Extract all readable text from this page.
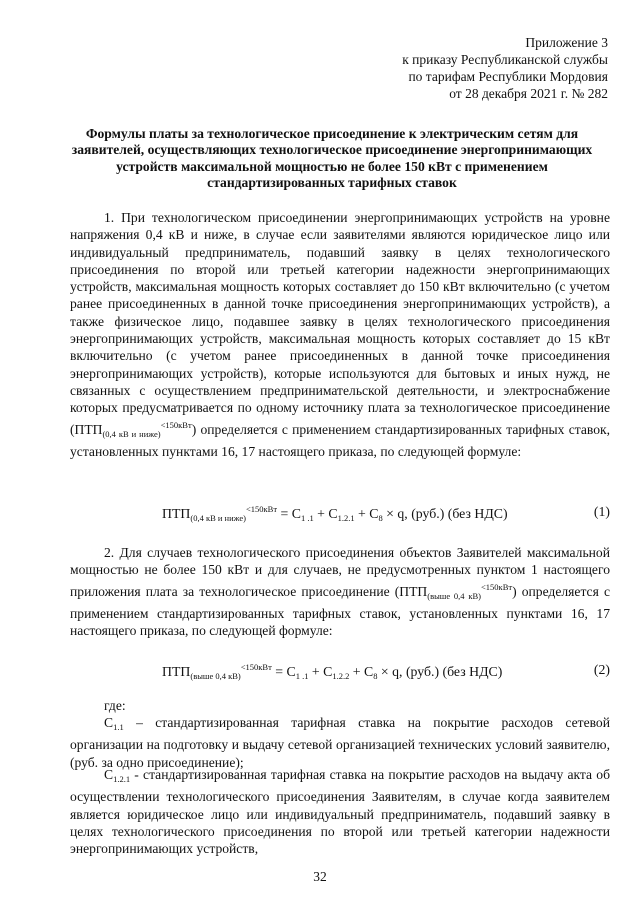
Приложение 3
к приказу Республиканской службы
по тарифам Республики Мордовия
от 28 декабря 2021 г. № 282
Формулы платы за технологическое присоединение к электрическим сетям для заявителей, осуществляющих технологическое присоединение энергопринимающих устройств максимальной мощностью не более 150 кВт с применением стандартизированных тарифных ставок

1. При технологическом присоединении энергопринимающих устройств на уровне напряжения 0,4 кВ и ниже, в случае если заявителями являются юридическое лицо или индивидуальный предприниматель, подавший заявку в целях технологического присоединения по второй или третьей категории надежности энергопринимающих устройств, максимальная мощность которых составляет до 150 кВт включительно (с учетом ранее присоединенных в данной точке присоединения энергопринимающих устройств), а также физическое лицо, подавшее заявку в целях технологического присоединения энергопринимающих устройств, максимальная мощность которых составляет до 15 кВт включительно (с учетом ранее присоединенных в данной точке присоединения энергопринимающих устройств), которые используются для бытовых и иных нужд, не связанных с осуществлением предпринимательской деятельности, и электроснабжение которых предусматривается по одному источнику плата за технологическое присоединение $(ПТП_{(0,4 кВ и ниже)}^{<150кВт})$ определяется с применением стандартизированных тарифных ставок, установленных пунктами 16, 17 настоящего приказа, по следующей формуле:

$ПТП_{(0,4 кВ и ниже)}^{<150кВт} = С_{1 .1} + С_{1.2.1} + С_8 \times q$, (руб.) (без НДС)	(1)

2. Для случаев технологического присоединения объектов Заявителей максимальной мощностью не более 150 кВт и для случаев, не предусмотренных пунктом 1 настоящего приложения плата за технологическое присоединение $(ПТП_{(выше 0,4 кВ)}^{<150кВт})$ определяется с применением стандартизированных тарифных ставок, установленных пунктами 16, 17 настоящего приказа, по следующей формуле:

$ПТП_{(выше 0,4 кВ)}^{<150кВт} = С_{1 .1} + С_{1.2.2} + С_8 \times q$, (руб.) (без НДС)	(2)

где:

$С_{1.1}$ – стандартизированная тарифная ставка на покрытие расходов сетевой организации на подготовку и выдачу сетевой организацией технических условий заявителю, (руб. за одно присоединение);

$С_{1.2.1}$ - стандартизированная тарифная ставка на покрытие расходов на выдачу акта об осуществлении технологического присоединения Заявителям, в случае когда заявителем является юридическое лицо или индивидуальный предприниматель, подавший заявку в целях технологического присоединения по второй или третьей категории надежности энергопринимающих устройств,

32
